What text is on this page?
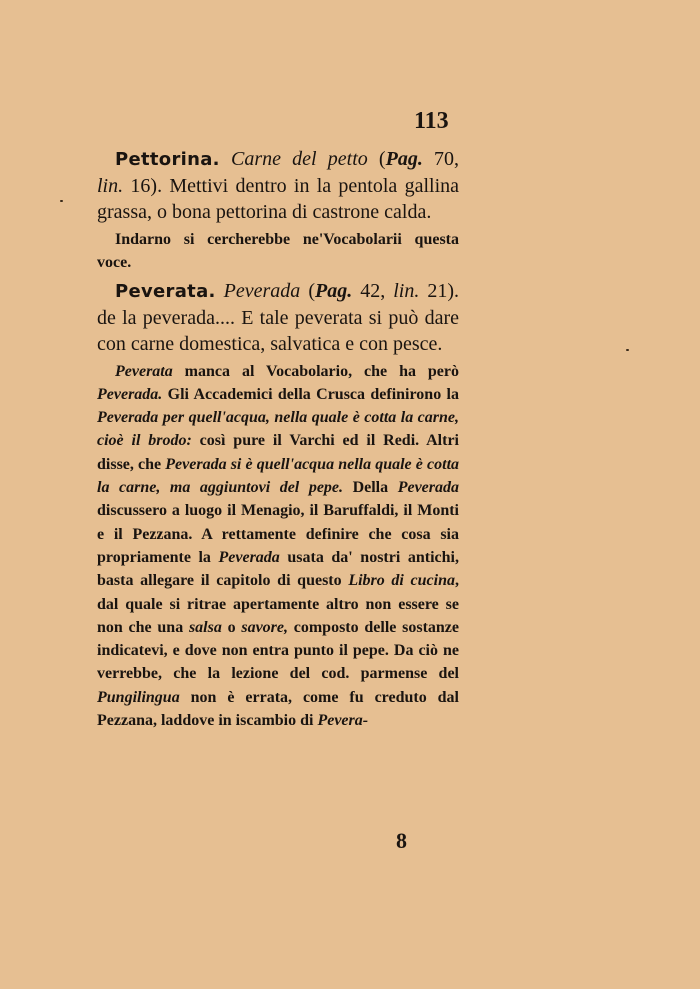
113

Pettorina. Carne del petto (Pag. 70, lin. 16). Mettivi dentro in la pentola gallina grassa, o bona pettorina di castrone calda.

Indarno si cercherebbe ne'Vocabolarii questa voce.

Peverata. Peverada (Pag. 42, lin. 21). de la peverada.... E tale peverata si può dare con carne domestica, salvatica e con pesce.

Peverata manca al Vocabolario, che ha però Peverada. Gli Accademici della Crusca definirono la Peverada per quell'acqua, nella quale è cotta la carne, cioè il brodo: così pure il Varchi ed il Redi. Altri disse, che Peverada si è quell'acqua nella quale è cotta la carne, ma aggiuntovi del pepe. Della Peverada discussero a luogo il Menagio, il Baruffaldi, il Monti e il Pezzana. A rettamente definire che cosa sia propriamente la Peverada usata da' nostri antichi, basta allegare il capitolo di questo Libro di cucina, dal quale si ritrae apertamente altro non essere se non che una salsa o savore, composto delle sostanze indicatevi, e dove non entra punto il pepe. Da ciò ne verrebbe, che la lezione del cod. parmense del Pungilingua non è errata, come fu creduto dal Pezzana, laddove in iscambio di Pevera-

8
